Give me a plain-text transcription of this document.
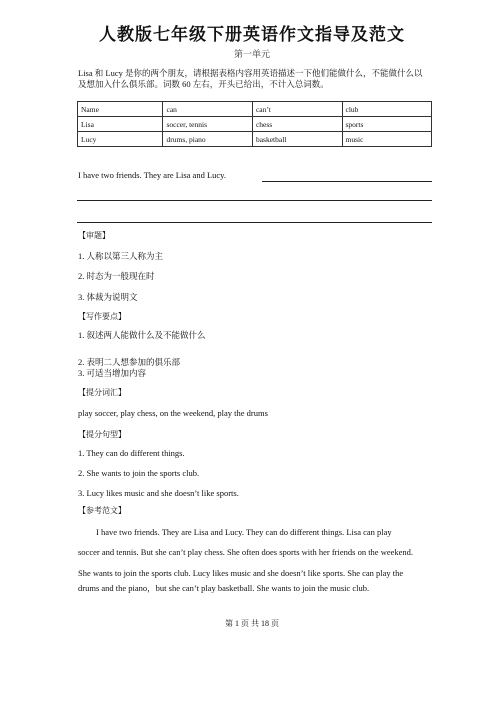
人教版七年级下册英语作文指导及范文
第一单元
Lisa 和 Lucy 是你的两个朋友，请根据表格内容用英语描述一下他们能做什么，不能做什么以及想加入什么俱乐部。词数 60 左右，开头已给出，不计入总词数。
Name	can	can’t	club
Lisa	soccer, tennis	chess	sports
Lucy	drums, piano	basketball	music
I have two friends. They are Lisa and Lucy.
【审题】
1. 人称以第三人称为主
2. 时态为一般现在时
3. 体裁为说明文
【写作要点】
1. 叙述两人能做什么及不能做什么
2. 表明二人想参加的俱乐部
3. 可适当增加内容
【提分词汇】
play soccer, play chess, on the weekend, play the drums
【提分句型】
1. They can do different things.
2. She wants to join the sports club.
3. Lucy likes music and she doesn’t like sports.
【参考范文】
I have two friends. They are Lisa and Lucy. They can do different things. Lisa can play
soccer and tennis. But she can’t play chess. She often does sports with her friends on the weekend.
She wants to join the sports club. Lucy likes music and she doesn’t like sports. She can play the
drums and the piano，but she can’t play basketball. She wants to join the music club.
第 1 页 共 18 页
